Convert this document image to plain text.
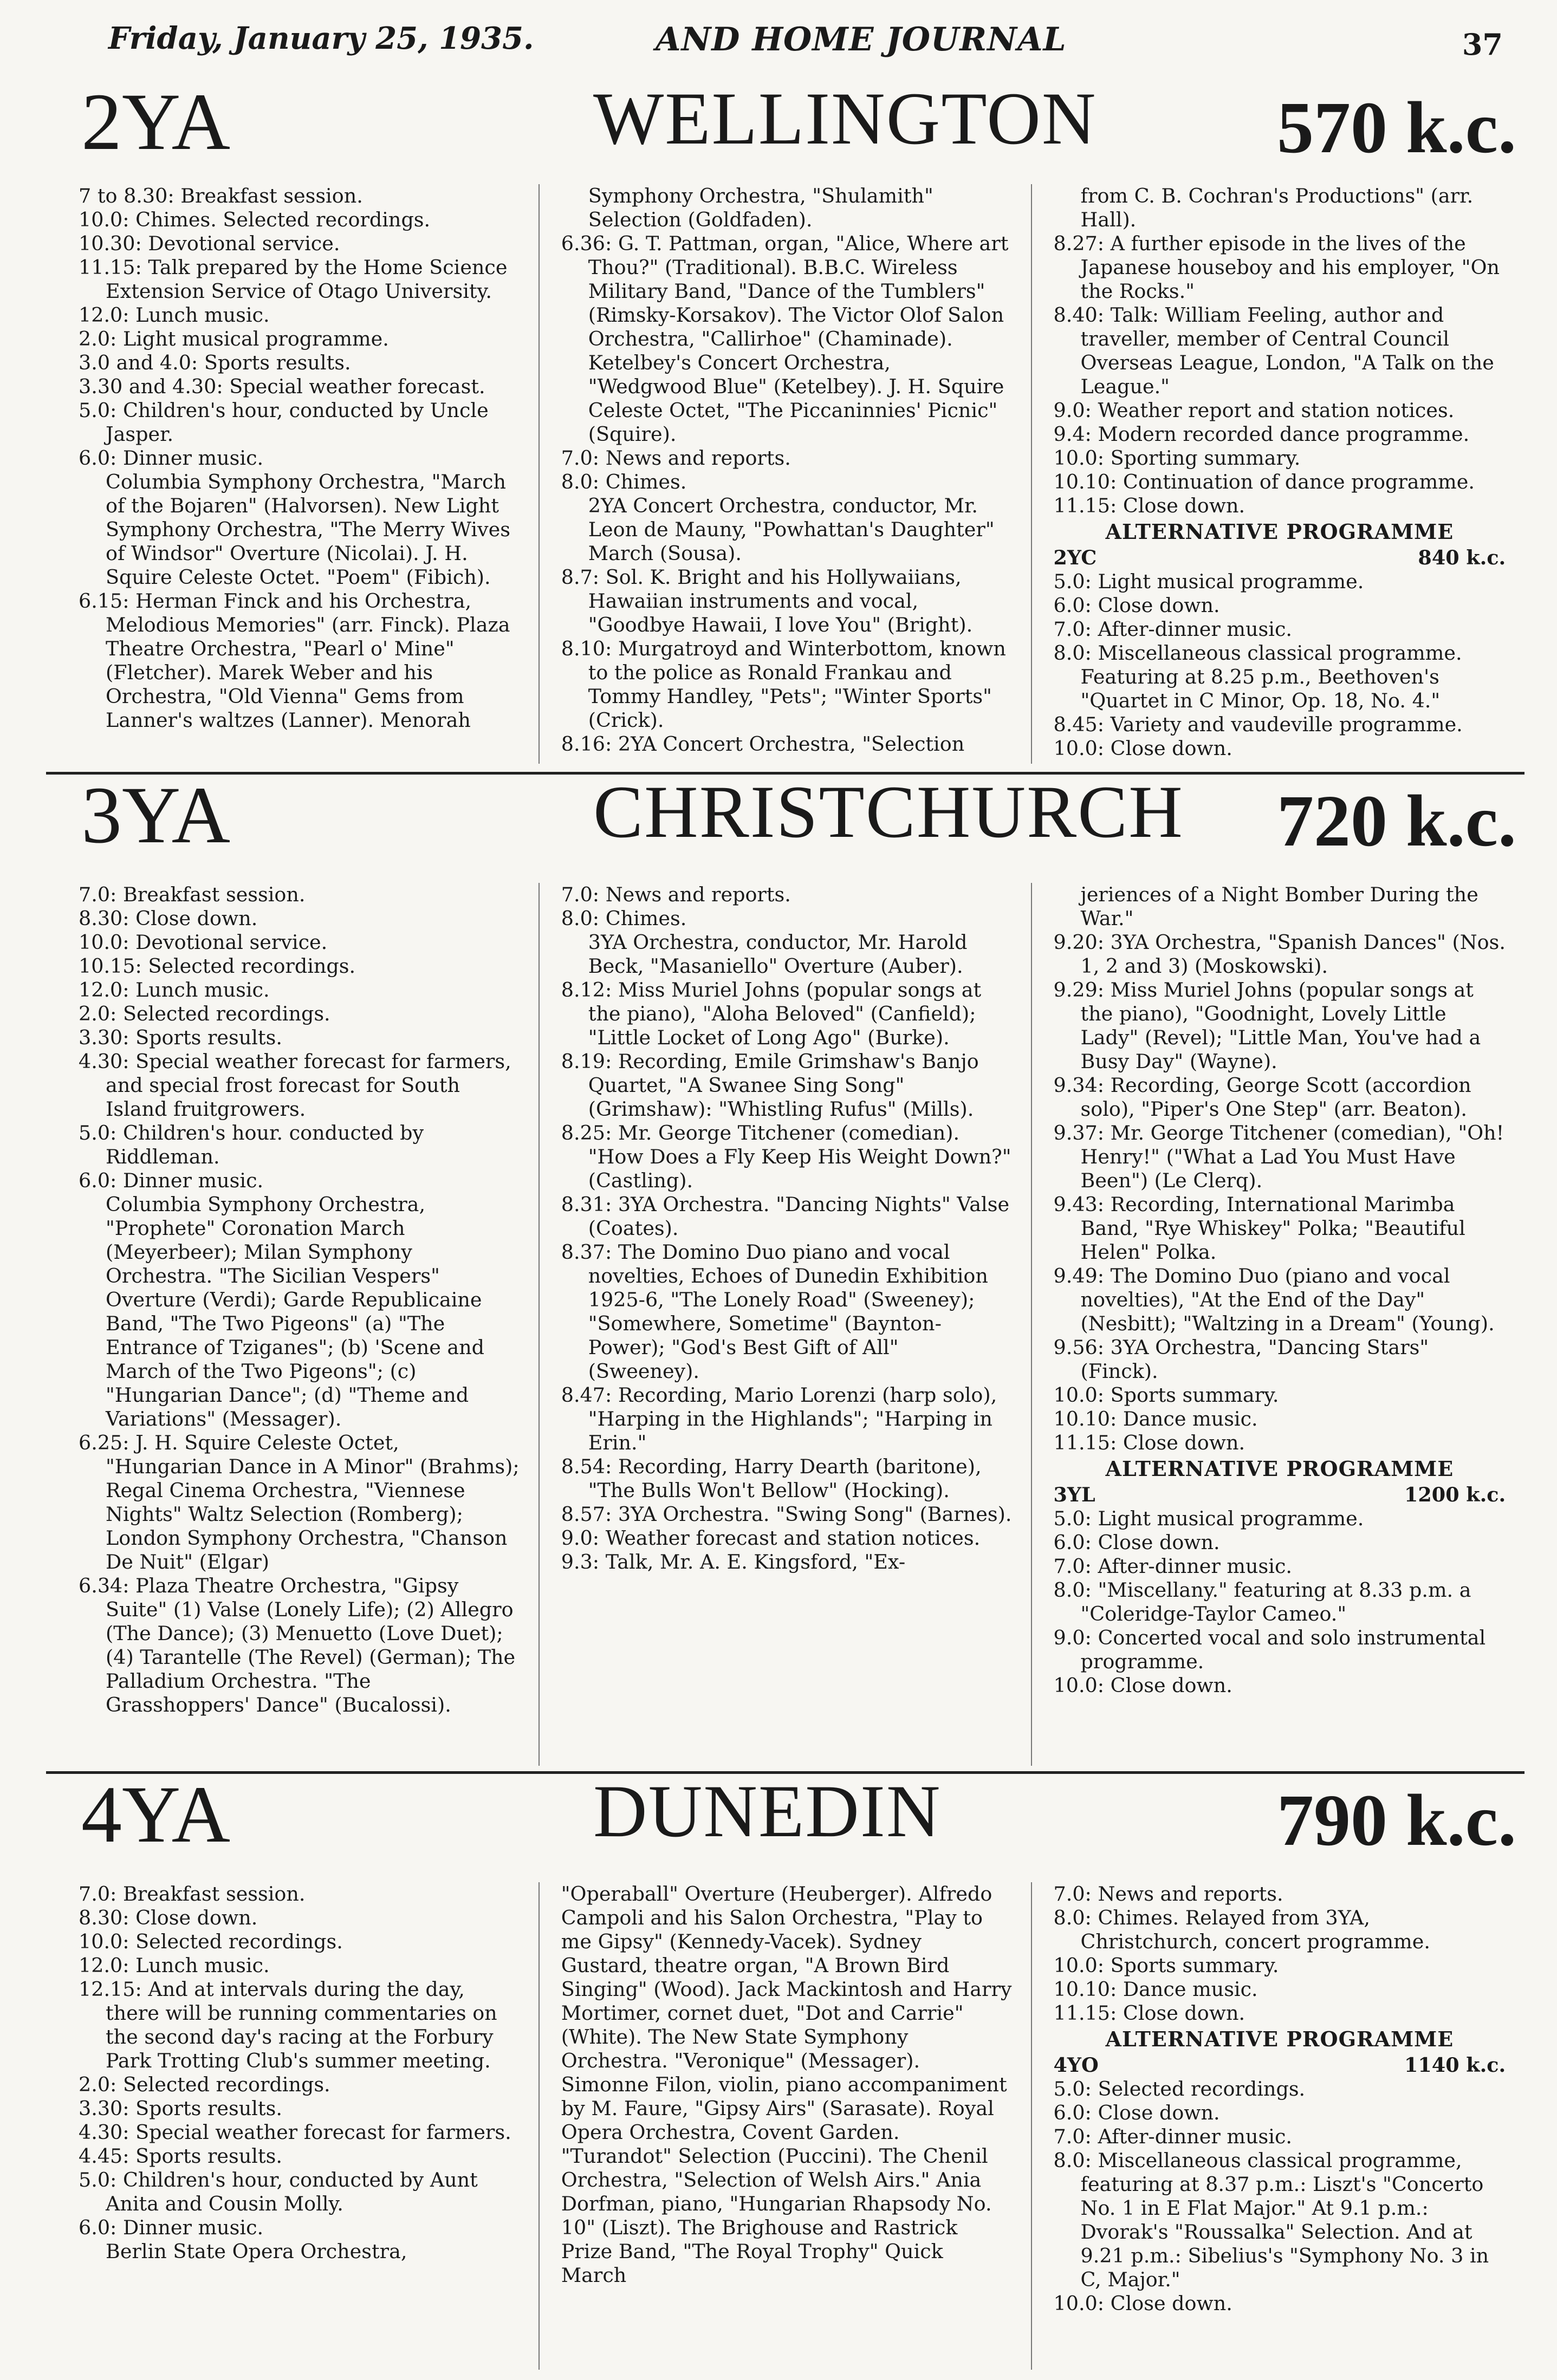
Friday, January 25, 1935.	AND HOME JOURNAL	37
2YA	WELLINGTON 570 k.c.

7 to 8.30: Breakfast session.

10.0: Chimes. Selected recordings.

10.30: Devotional service.

11.15: Talk prepared by the Home Science Extension Service of Otago University.

12.0: Lunch music.

2.0: Light musical programme.

3.0 and 4.0: Sports results.

3.30 and 4.30: Special weather forecast.

5.0: Children's hour, conducted by Uncle Jasper.

6.0: Dinner music.

Columbia Symphony Orchestra, "March of the Bojaren" (Halvorsen). New Light Symphony Orchestra, "The Merry Wives of Windsor" Overture (Nicolai). J. H. Squire Celeste Octet. "Poem" (Fibich).

6.15: Herman Finck and his Orchestra, Melodious Memories" (arr. Finck). Plaza Theatre Orchestra, "Pearl o' Mine" (Fletcher). Marek Weber and his Orchestra, "Old Vienna" Gems from Lanner's waltzes (Lanner). Menorah

Symphony Orchestra, "Shulamith" Selection (Goldfaden).

6.36: G. T. Pattman, organ, "Alice, Where art Thou?" (Traditional). B.B.C. Wireless Military Band, "Dance of the Tumblers" (Rimsky-Korsakov). The Victor Olof Salon Orchestra, "Callirhoe" (Chaminade). Ketelbey's Concert Orchestra, "Wedgwood Blue" (Ketelbey). J. H. Squire Celeste Octet, "The Piccaninnies' Picnic" (Squire).

7.0: News and reports.

8.0: Chimes.

2YA Concert Orchestra, conductor, Mr. Leon de Mauny, "Powhattan's Daughter" March (Sousa).

8.7: Sol. K. Bright and his Hollywaiians, Hawaiian instruments and vocal, "Goodbye Hawaii, I love You" (Bright).

8.10: Murgatroyd and Winterbottom, known to the police as Ronald Frankau and Tommy Handley, "Pets"; "Winter Sports" (Crick).

8.16: 2YA Concert Orchestra, "Selection

from C. B. Cochran's Productions" (arr. Hall).

8.27: A further episode in the lives of the Japanese houseboy and his employer, "On the Rocks."

8.40: Talk: William Feeling, author and traveller, member of Central Council Overseas League, London, "A Talk on the League."

9.0: Weather report and station notices.

9.4: Modern recorded dance programme.

10.0: Sporting summary.

10.10: Continuation of dance programme.

11.15: Close down.

ALTERNATIVE PROGRAMME
2YC	840 k.c.

5.0: Light musical programme.

6.0: Close down.

7.0: After-dinner music.

8.0: Miscellaneous classical programme. Featuring at 8.25 p.m., Beethoven's "Quartet in C Minor, Op. 18, No. 4."

8.45: Variety and vaudeville programme.

10.0: Close down.

3YA	CHRISTCHURCH 720 k.c.

7.0: Breakfast session.

8.30: Close down.

10.0: Devotional service.

10.15: Selected recordings.

12.0: Lunch music.

2.0: Selected recordings.

3.30: Sports results.

4.30: Special weather forecast for farmers, and special frost forecast for South Island fruitgrowers.

5.0: Children's hour. conducted by Riddleman.

6.0: Dinner music.

Columbia Symphony Orchestra, "Prophete" Coronation March (Meyerbeer); Milan Symphony Orchestra. "The Sicilian Vespers" Overture (Verdi); Garde Republicaine Band, "The Two Pigeons" (a) "The Entrance of Tziganes"; (b) 'Scene and March of the Two Pigeons"; (c) "Hungarian Dance"; (d) "Theme and Variations" (Messager).

6.25: J. H. Squire Celeste Octet, "Hungarian Dance in A Minor" (Brahms); Regal Cinema Orchestra, "Viennese Nights" Waltz Selection (Romberg); London Symphony Orchestra, "Chanson De Nuit" (Elgar)

6.34: Plaza Theatre Orchestra, "Gipsy Suite" (1) Valse (Lonely Life); (2) Allegro (The Dance); (3) Menuetto (Love Duet); (4) Tarantelle (The Revel) (German); The Palladium Orchestra. "The Grasshoppers' Dance" (Bucalossi).

7.0: News and reports.

8.0: Chimes.

3YA Orchestra, conductor, Mr. Harold Beck, "Masaniello" Overture (Auber).

8.12: Miss Muriel Johns (popular songs at the piano), "Aloha Beloved" (Canfield); "Little Locket of Long Ago" (Burke).

8.19: Recording, Emile Grimshaw's Banjo Quartet, "A Swanee Sing Song" (Grimshaw): "Whistling Rufus" (Mills).

8.25: Mr. George Titchener (comedian). "How Does a Fly Keep His Weight Down?" (Castling).

8.31: 3YA Orchestra. "Dancing Nights" Valse (Coates).

8.37: The Domino Duo piano and vocal novelties, Echoes of Dunedin Exhibition 1925-6, "The Lonely Road" (Sweeney); "Somewhere, Sometime" (Baynton-Power); "God's Best Gift of All" (Sweeney).

8.47: Recording, Mario Lorenzi (harp solo), "Harping in the Highlands"; "Harping in Erin."

8.54: Recording, Harry Dearth (baritone), "The Bulls Won't Bellow" (Hocking).

8.57: 3YA Orchestra. "Swing Song" (Barnes).

9.0: Weather forecast and station notices.

9.3: Talk, Mr. A. E. Kingsford, "Ex-

jeriences of a Night Bomber During the War."

9.20: 3YA Orchestra, "Spanish Dances" (Nos. 1, 2 and 3) (Moskowski).

9.29: Miss Muriel Johns (popular songs at the piano), "Goodnight, Lovely Little Lady" (Revel); "Little Man, You've had a Busy Day" (Wayne).

9.34: Recording, George Scott (accordion solo), "Piper's One Step" (arr. Beaton).

9.37: Mr. George Titchener (comedian), "Oh! Henry!" ("What a Lad You Must Have Been") (Le Clerq).

9.43: Recording, International Marimba Band, "Rye Whiskey" Polka; "Beautiful Helen" Polka.

9.49: The Domino Duo (piano and vocal novelties), "At the End of the Day" (Nesbitt); "Waltzing in a Dream" (Young).

9.56: 3YA Orchestra, "Dancing Stars" (Finck).

10.0: Sports summary.

10.10: Dance music.

11.15: Close down.

ALTERNATIVE PROGRAMME
3YL	1200 k.c.

5.0: Light musical programme.

6.0: Close down.

7.0: After-dinner music.

8.0: "Miscellany." featuring at 8.33 p.m. a "Coleridge-Taylor Cameo."

9.0: Concerted vocal and solo instrumental programme.

10.0: Close down.

4YA	DUNEDIN	790 k.c.

7.0: Breakfast session.

8.30: Close down.

10.0: Selected recordings.

12.0: Lunch music.

12.15: And at intervals during the day, there will be running commentaries on the second day's racing at the Forbury Park Trotting Club's summer meeting.

2.0: Selected recordings.

3.30: Sports results.

4.30: Special weather forecast for farmers.

4.45: Sports results.

5.0: Children's hour, conducted by Aunt Anita and Cousin Molly.

6.0: Dinner music.

Berlin State Opera Orchestra,

"Operaball" Overture (Heuberger). Alfredo Campoli and his Salon Orchestra, "Play to me Gipsy" (Kennedy-Vacek). Sydney Gustard, theatre organ, "A Brown Bird Singing" (Wood). Jack Mackintosh and Harry Mortimer, cornet duet, "Dot and Carrie" (White). The New State Symphony Orchestra. "Veronique" (Messager). Simonne Filon, violin, piano accompaniment by M. Faure, "Gipsy Airs" (Sarasate). Royal Opera Orchestra, Covent Garden. "Turandot" Selection (Puccini). The Chenil Orchestra, "Selection of Welsh Airs." Ania Dorfman, piano, "Hungarian Rhapsody No. 10" (Liszt). The Brighouse and Rastrick Prize Band, "The Royal Trophy" Quick March

7.0: News and reports.

8.0: Chimes. Relayed from 3YA, Christchurch, concert programme.

10.0: Sports summary.

10.10: Dance music.

11.15: Close down.

ALTERNATIVE PROGRAMME
4YO	1140 k.c.

5.0: Selected recordings.

6.0: Close down.

7.0: After-dinner music.

8.0: Miscellaneous classical programme, featuring at 8.37 p.m.: Liszt's "Concerto No. 1 in E Flat Major." At 9.1 p.m.: Dvorak's "Roussalka" Selection. And at 9.21 p.m.: Sibelius's "Symphony No. 3 in C, Major."

10.0: Close down.
